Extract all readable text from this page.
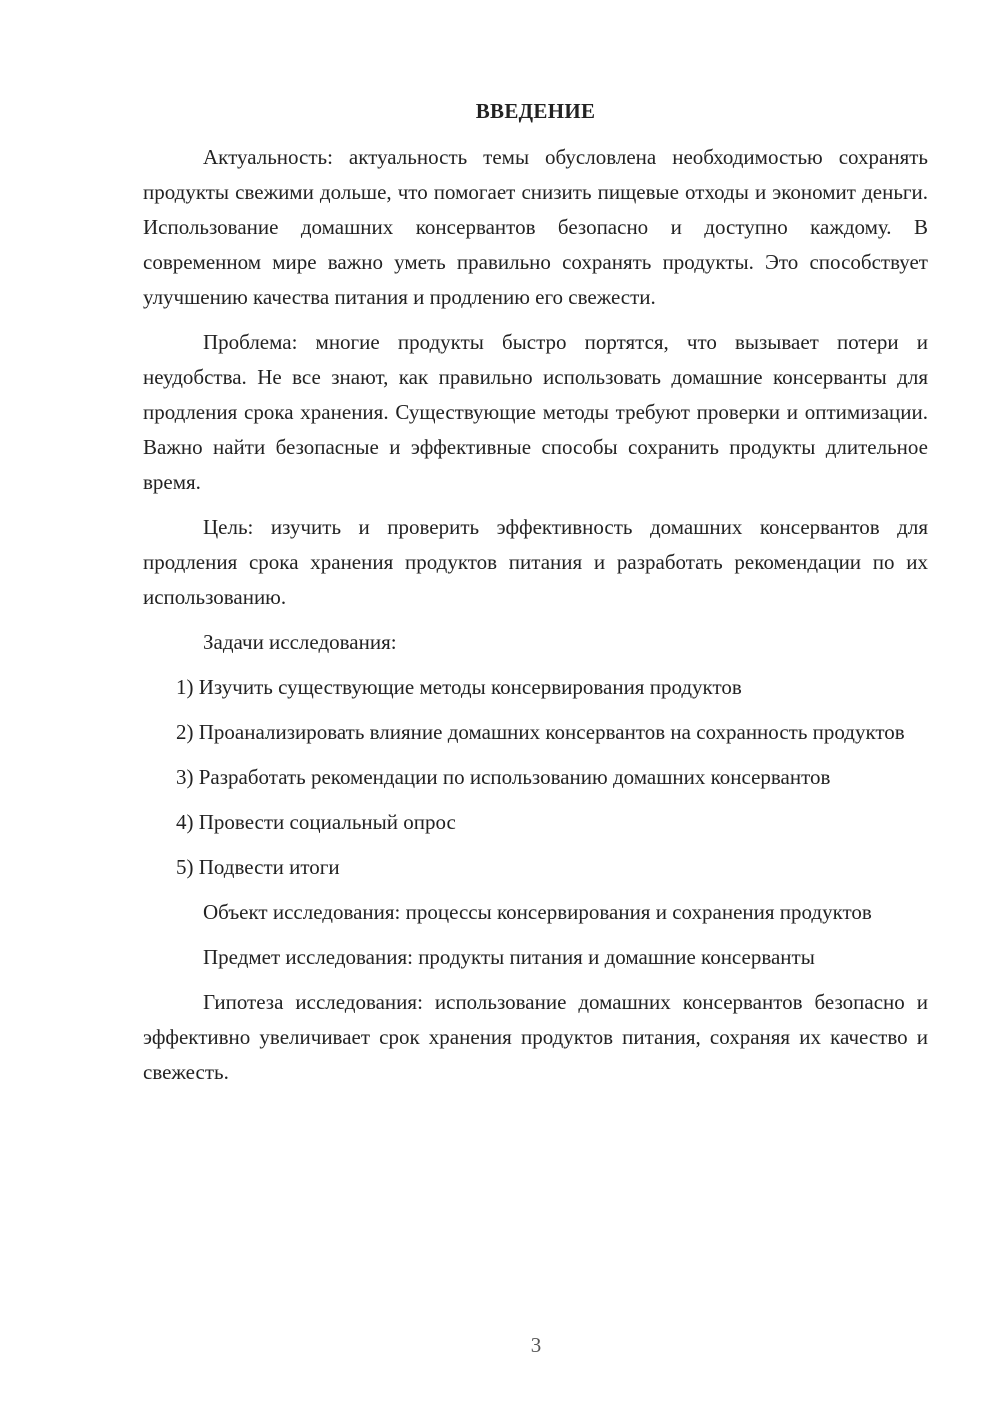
ВВЕДЕНИЕ

Актуальность: актуальность темы обусловлена необходимостью сохранять продукты свежими дольше, что помогает снизить пищевые отходы и экономит деньги. Использование домашних консервантов безопасно и доступно каждому. В современном мире важно уметь правильно сохранять продукты. Это способствует улучшению качества питания и продлению его свежести.

Проблема: многие продукты быстро портятся, что вызывает потери и неудобства. Не все знают, как правильно использовать домашние консерванты для продления срока хранения. Существующие методы требуют проверки и оптимизации. Важно найти безопасные и эффективные способы сохранить продукты длительное время.

Цель: изучить и проверить эффективность домашних консервантов для продления срока хранения продуктов питания и разработать рекомендации по их использованию.

Задачи исследования:

1) Изучить существующие методы консервирования продуктов

2) Проанализировать влияние домашних консервантов на сохранность продуктов

3) Разработать рекомендации по использованию домашних консервантов

4) Провести социальный опрос

5) Подвести итоги

Объект исследования: процессы консервирования и сохранения продуктов

Предмет исследования: продукты питания и домашние консерванты

Гипотеза исследования: использование домашних консервантов безопасно и эффективно увеличивает срок хранения продуктов питания, сохраняя их качество и свежесть.

3
